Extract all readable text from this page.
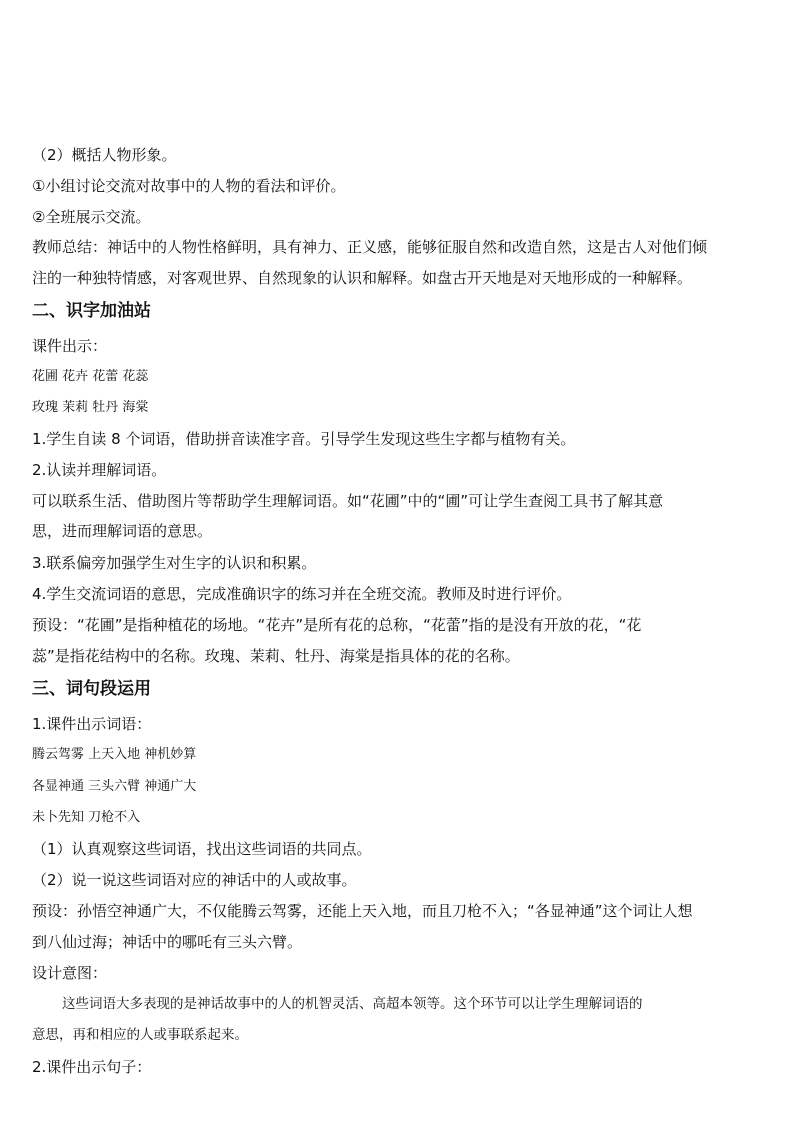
（2）概括人物形象。
①小组讨论交流对故事中的人物的看法和评价。
②全班展示交流。
教师总结：神话中的人物性格鲜明，具有神力、正义感，能够征服自然和改造自然，这是古人对他们倾
注的一种独特情感，对客观世界、自然现象的认识和解释。如盘古开天地是对天地形成的一种解释。
二、识字加油站
课件出示：
花圃 花卉 花蕾 花蕊
玫瑰 茉莉 牡丹 海棠
1.学生自读 8 个词语，借助拼音读准字音。引导学生发现这些生字都与植物有关。
2.认读并理解词语。
可以联系生活、借助图片等帮助学生理解词语。如“花圃”中的“圃”可让学生查阅工具书了解其意
思，进而理解词语的意思。
3.联系偏旁加强学生对生字的认识和积累。
4.学生交流词语的意思，完成准确识字的练习并在全班交流。教师及时进行评价。
预设：“花圃”是指种植花的场地。“花卉”是所有花的总称，“花蕾”指的是没有开放的花，“花
蕊”是指花结构中的名称。玫瑰、茉莉、牡丹、海棠是指具体的花的名称。
三、词句段运用
1.课件出示词语：
腾云驾雾 上天入地 神机妙算
各显神通 三头六臂 神通广大
未卜先知 刀枪不入
（1）认真观察这些词语，找出这些词语的共同点。
（2）说一说这些词语对应的神话中的人或故事。
预设：孙悟空神通广大，不仅能腾云驾雾，还能上天入地，而且刀枪不入；“各显神通”这个词让人想
到八仙过海；神话中的哪吒有三头六臂。
设计意图：
这些词语大多表现的是神话故事中的人的机智灵活、高超本领等。这个环节可以让学生理解词语的
意思，再和相应的人或事联系起来。
2.课件出示句子：
